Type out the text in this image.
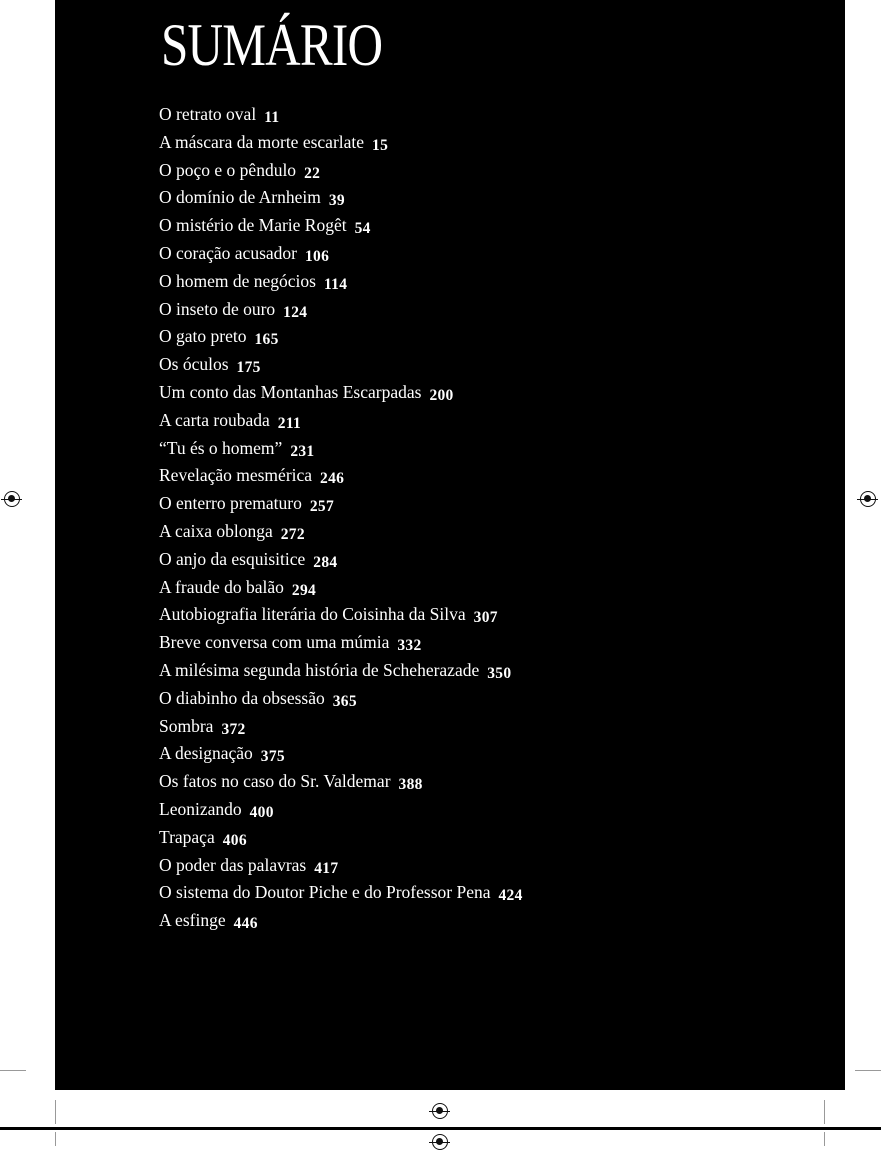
SUMÁRIO
O retrato oval 11
A máscara da morte escarlate 15
O poço e o pêndulo 22
O domínio de Arnheim 39
O mistério de Marie Rogêt 54
O coração acusador 106
O homem de negócios 114
O inseto de ouro 124
O gato preto 165
Os óculos 175
Um conto das Montanhas Escarpadas 200
A carta roubada 211
“Tu és o homem” 231
Revelação mesmérica 246
O enterro prematuro 257
A caixa oblonga 272
O anjo da esquisitice 284
A fraude do balão 294
Autobiografia literária do Coisinha da Silva 307
Breve conversa com uma múmia 332
A milésima segunda história de Scheherazade 350
O diabinho da obsessão 365
Sombra 372
A designação 375
Os fatos no caso do Sr. Valdemar 388
Leonizando 400
Trapaça 406
O poder das palavras 417
O sistema do Doutor Piche e do Professor Pena 424
A esfinge 446
